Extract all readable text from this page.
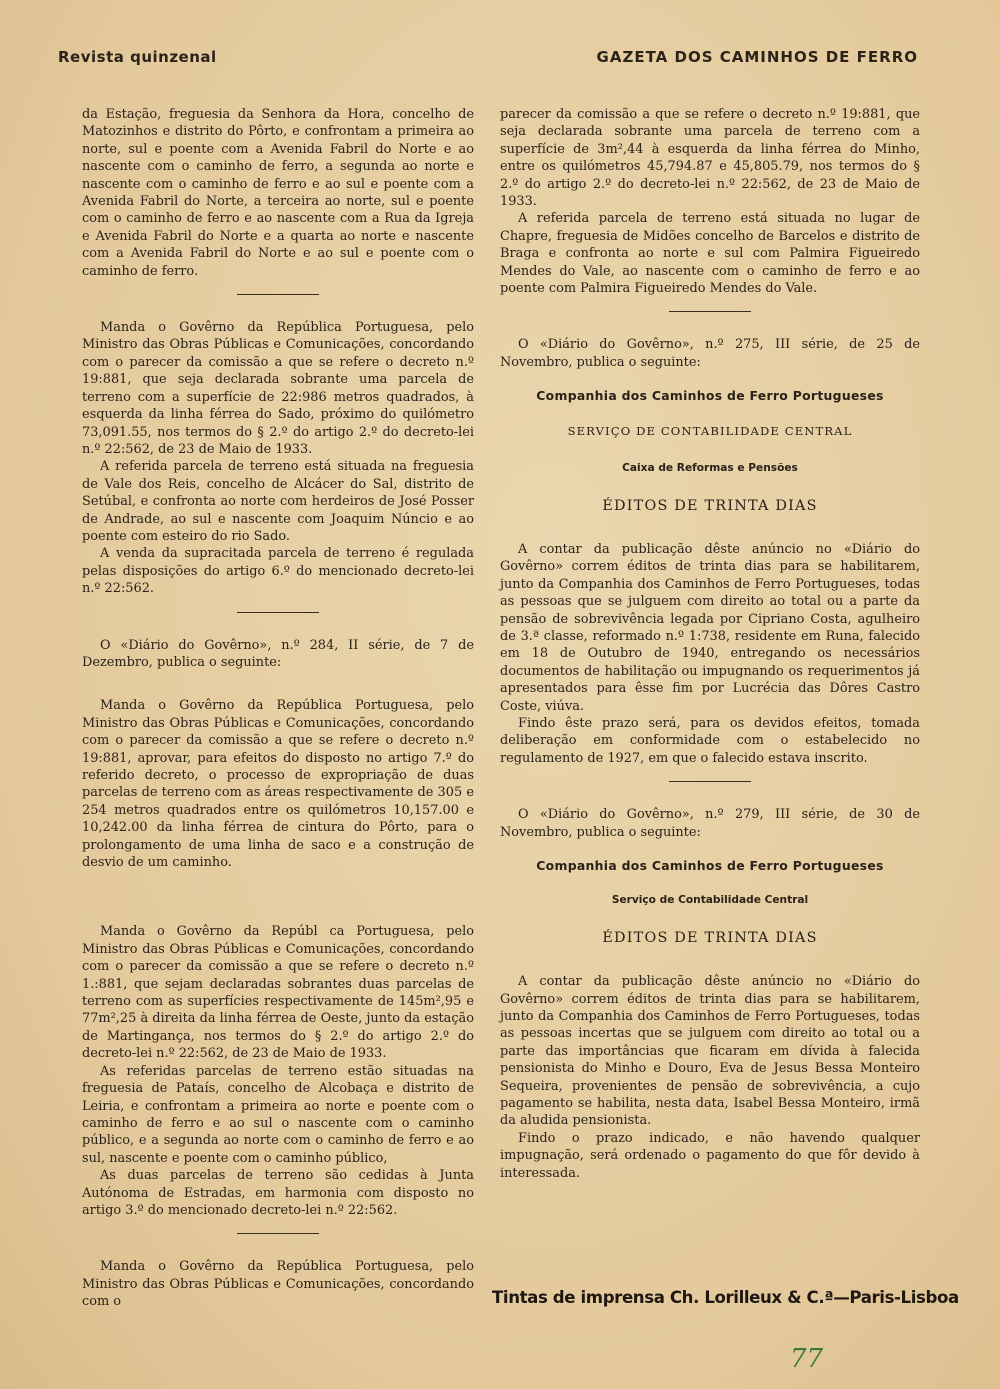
Revista quinzenal	GAZETA DOS CAMINHOS DE FERRO

da Estação, freguesia da Senhora da Hora, concelho de Matozinhos e distrito do Pôrto, e confrontam a primeira ao norte, sul e poente com a Avenida Fabril do Norte e ao nascente com o caminho de ferro, a segunda ao norte e nascente com o caminho de ferro e ao sul e poente com a Avenida Fabril do Norte, a terceira ao norte, sul e poente com o caminho de ferro e ao nascente com a Rua da Igreja e Avenida Fabril do Norte e a quarta ao norte e nascente com a Avenida Fabril do Norte e ao sul e poente com o caminho de ferro.

Manda o Govêrno da República Portuguesa, pelo Ministro das Obras Públicas e Comunicações, concordando com o parecer da comissão a que se refere o decreto n.º 19:881, que seja declarada sobrante uma parcela de terreno com a superfície de 22:986 metros quadrados, à esquerda da linha férrea do Sado, próximo do quilómetro 73,091.55, nos termos do § 2.º do artigo 2.º do decreto-lei n.º 22:562, de 23 de Maio de 1933.

A referida parcela de terreno está situada na freguesia de Vale dos Reis, concelho de Alcácer do Sal, distrito de Setúbal, e confronta ao norte com herdeiros de José Posser de Andrade, ao sul e nascente com Joaquim Núncio e ao poente com esteiro do rio Sado.

A venda da supracitada parcela de terreno é regulada pelas disposições do artigo 6.º do mencionado decreto-lei n.º 22:562.

O «Diário do Govêrno», n.º 284, II série, de 7 de Dezembro, publica o seguinte:

Manda o Govêrno da República Portuguesa, pelo Ministro das Obras Públicas e Comunicações, concordando com o parecer da comissão a que se refere o decreto n.º 19:881, aprovar, para efeitos do disposto no artigo 7.º do referido decreto, o processo de expropriação de duas parcelas de terreno com as áreas respectivamente de 305 e 254 metros quadrados entre os quilómetros 10,157.00 e 10,242.00 da linha férrea de cintura do Pôrto, para o prolongamento de uma linha de saco e a construção de desvio de um caminho.

Manda o Govêrno da Repúbl ca Portuguesa, pelo Ministro das Obras Públicas e Comunicações, concordando com o parecer da comissão a que se refere o decreto n.º 1.:881, que sejam declaradas sobrantes duas parcelas de terreno com as superfícies respectivamente de 145m²,95 e 77m²,25 à direita da linha férrea de Oeste, junto da estação de Martingança, nos termos do § 2.º do artigo 2.º do decreto-lei n.º 22:562, de 23 de Maio de 1933.

As referidas parcelas de terreno estão situadas na freguesia de Pataís, concelho de Alcobaça e distrito de Leiria, e confrontam a primeira ao norte e poente com o caminho de ferro e ao sul o nascente com o caminho público, e a segunda ao norte com o caminho de ferro e ao sul, nascente e poente com o caminho público,

As duas parcelas de terreno são cedidas à Junta Autónoma de Estradas, em harmonia com disposto no artigo 3.º do mencionado decreto-lei n.º 22:562.

Manda o Govêrno da República Portuguesa, pelo Ministro das Obras Públicas e Comunicações, concordando com o

parecer da comissão a que se refere o decreto n.º 19:881, que seja declarada sobrante uma parcela de terreno com a superfície de 3m²,44 à esquerda da linha férrea do Minho, entre os quilómetros 45,794.87 e 45,805.79, nos termos do § 2.º do artigo 2.º do decreto-lei n.º 22:562, de 23 de Maio de 1933.

A referida parcela de terreno está situada no lugar de Chapre, freguesia de Midões concelho de Barcelos e distrito de Braga e confronta ao norte e sul com Palmira Figueiredo Mendes do Vale, ao nascente com o caminho de ferro e ao poente com Palmira Figueiredo Mendes do Vale.

O «Diário do Govêrno», n.º 275, III série, de 25 de Novembro, publica o seguinte:

Companhia dos Caminhos de Ferro Portugueses
SERVIÇO DE CONTABILIDADE CENTRAL
Caixa de Reformas e Pensões
ÉDITOS DE TRINTA DIAS

A contar da publicação dêste anúncio no «Diário do Govêrno» correm éditos de trinta dias para se habilitarem, junto da Companhia dos Caminhos de Ferro Portugueses, todas as pessoas que se julguem com direito ao total ou a parte da pensão de sobrevivência legada por Cipriano Costa, agulheiro de 3.ª classe, reformado n.º 1:738, residente em Runa, falecido em 18 de Outubro de 1940, entregando os necessários documentos de habilitação ou impugnando os requerimentos já apresentados para êsse fim por Lucrécia das Dôres Castro Coste, viúva.

Findo êste prazo será, para os devidos efeitos, tomada deliberação em conformidade com o estabelecido no regulamento de 1927, em que o falecido estava inscrito.

O «Diário do Govêrno», n.º 279, III série, de 30 de Novembro, publica o seguinte:

Companhia dos Caminhos de Ferro Portugueses
Serviço de Contabilidade Central
ÉDITOS DE TRINTA DIAS

A contar da publicação dêste anúncio no «Diário do Govêrno» correm éditos de trinta dias para se habilitarem, junto da Companhia dos Caminhos de Ferro Portugueses, todas as pessoas incertas que se julguem com direito ao total ou a parte das importâncias que ficaram em dívida à falecida pensionista do Minho e Douro, Eva de Jesus Bessa Monteiro Sequeira, provenientes de pensão de sobrevivência, a cujo pagamento se habilita, nesta data, Isabel Bessa Monteiro, irmã da aludida pensionista.

Findo o prazo indicado, e não havendo qualquer impugnação, será ordenado o pagamento do que fôr devido à interessada.

Tintas de imprensa Ch. Lorilleux & C.ª—Paris-Lisboa
77
